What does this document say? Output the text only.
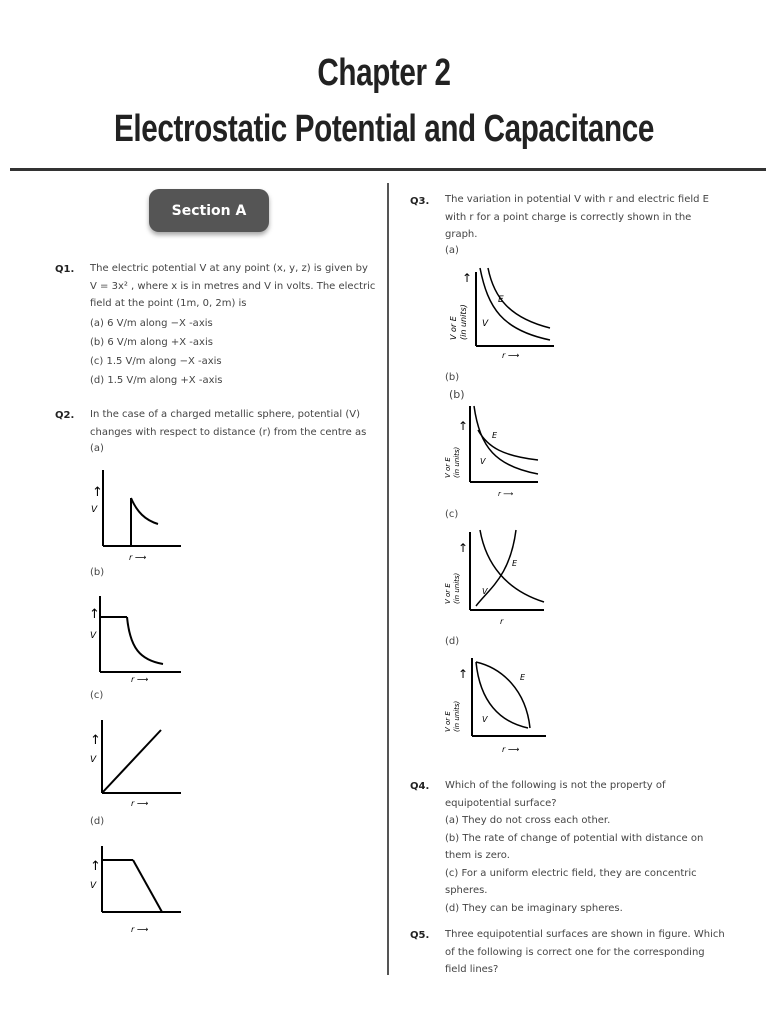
Chapter 2
Electrostatic Potential and Capacitance
Section A
Q1. The electric potential V at any point (x, y, z) is given by
V = 3x² , where x is in metres and V in volts. The electric
field at the point (1m, 0, 2m) is
(a) 6 V/m along −X -axis
(b) 6 V/m along +X -axis
(c) 1.5 V/m along −X -axis
(d) 1.5 V/m along +X -axis
Q2. In the case of a charged metallic sphere, potential (V)
changes with respect to distance (r) from the centre as
(a)
↑
V
r ⟶
(b)
↑
V
r ⟶
(c)
↑
V
r ⟶
(d)
↑
V
r ⟶
Q3. The variation in potential V with r and electric field E
with r for a point charge is correctly shown in the
graph.
(a)
↑
V or E (in units)
E
V
r ⟶
(b)
(b)
↑
V or E (in units)
E
V
r ⟶
(c)
↑
V or E (in units)
E
V
r
(d)
↑
V or E (in units)
E
V
r ⟶
Q4. Which of the following is not the property of
equipotential surface?
(a) They do not cross each other.
(b) The rate of change of potential with distance on
them is zero.
(c) For a uniform electric field, they are concentric
spheres.
(d) They can be imaginary spheres.
Q5. Three equipotential surfaces are shown in figure. Which
of the following is correct one for the corresponding
field lines?
